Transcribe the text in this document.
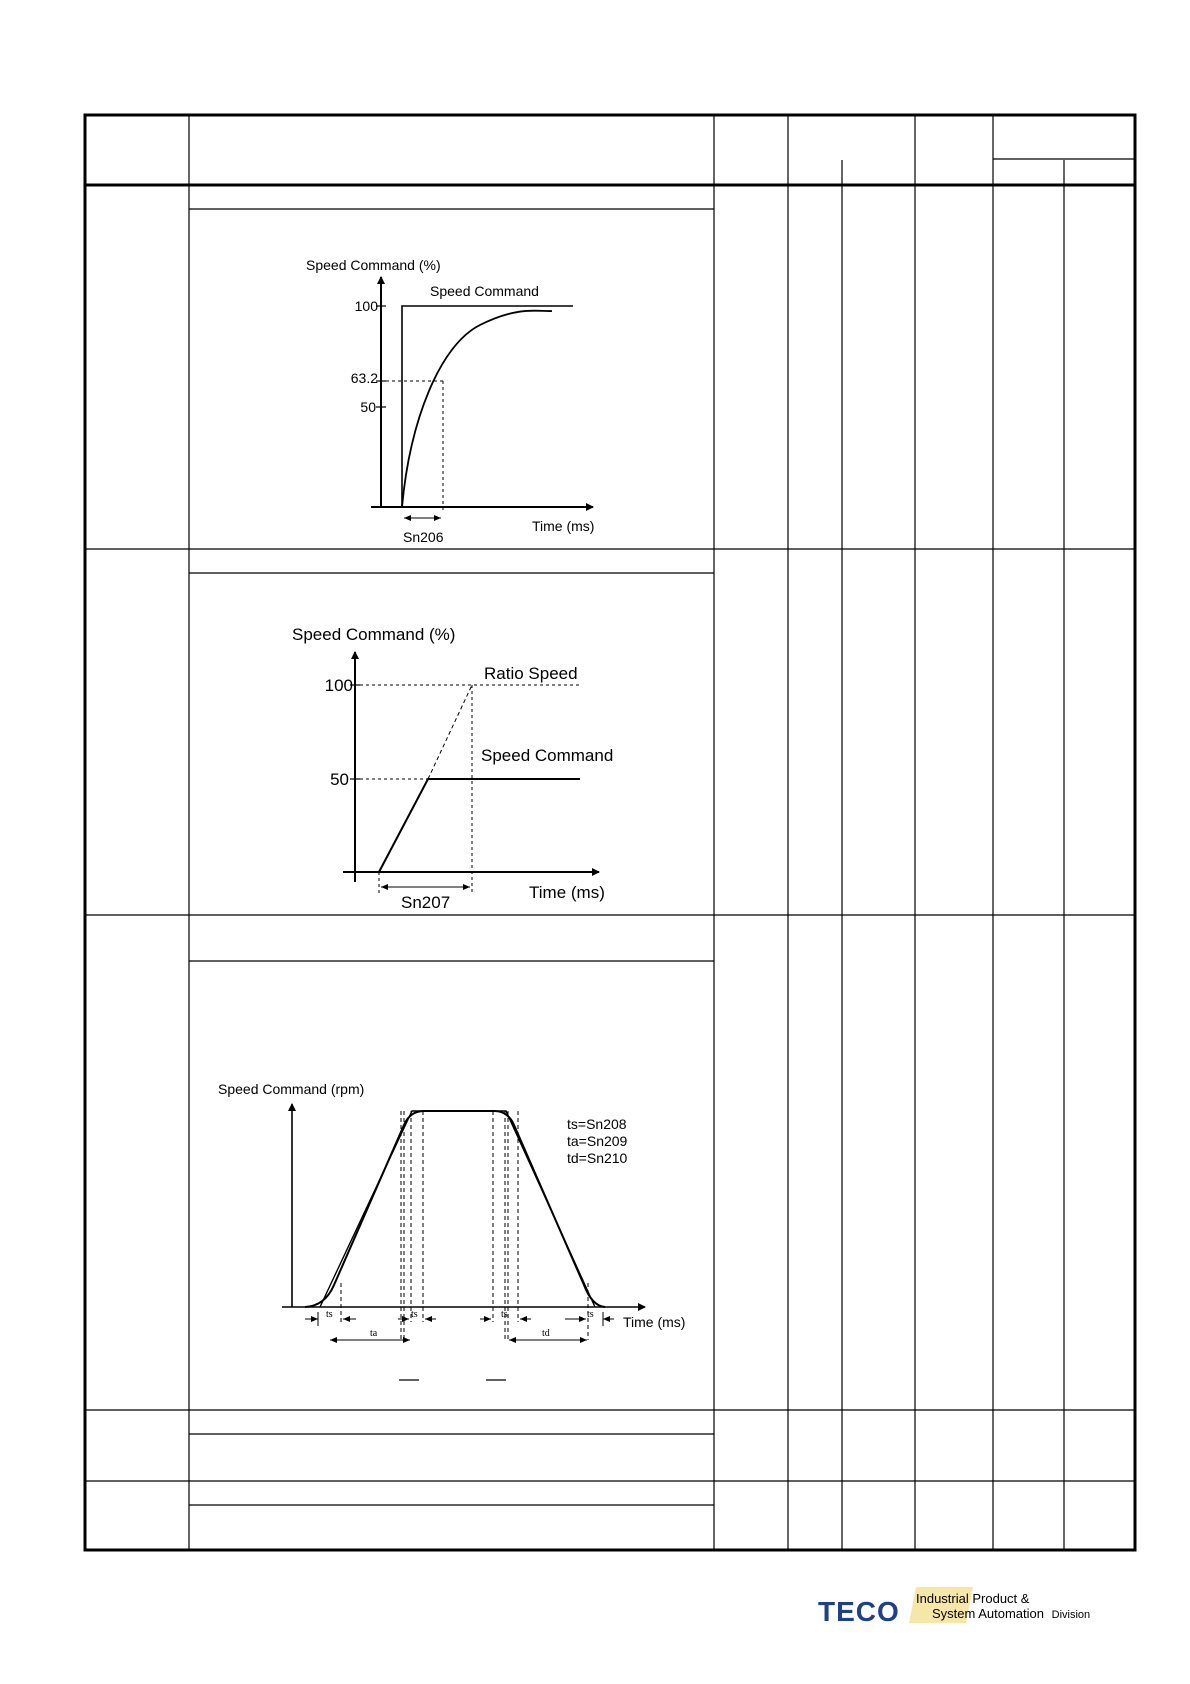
Speed Command (%)
Speed Command
100
63.2
50
Time (ms)
Sn206
Speed Command (%)
Ratio Speed
Speed Command
100
50
Time (ms)
Sn207
Speed Command (rpm)
ts=Sn208
ta=Sn209
td=Sn210
Time (ms)
ts	ts	ts	ts
ta	td
TECO Industrial Product &
System Automation Division
